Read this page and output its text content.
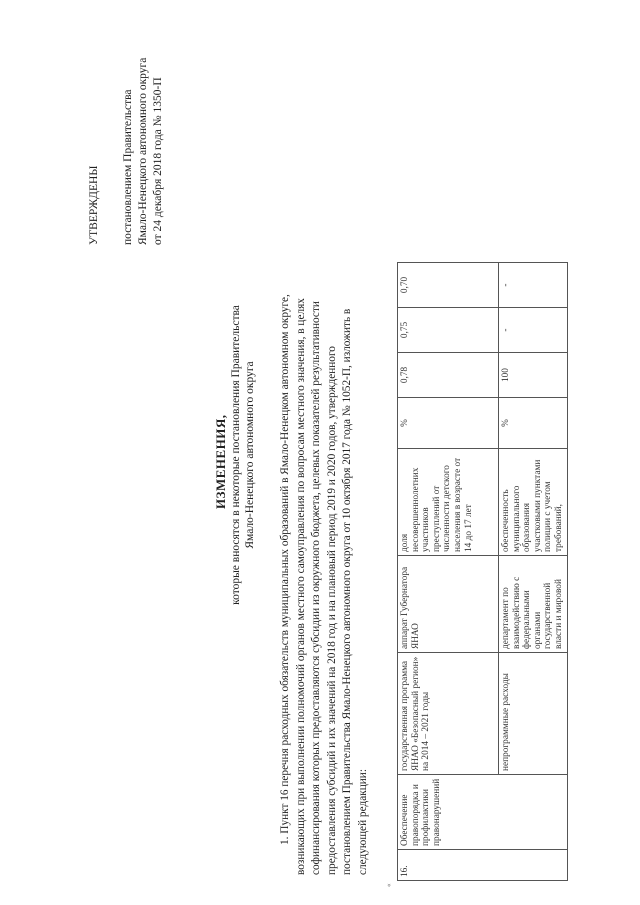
УТВЕРЖДЕНЫ постановлением Правительства Ямало-Ненецкого автономного округа от 24 декабря 2018 года № 1350-П
ИЗМЕНЕНИЯ, которые вносятся в некоторые постановления Правительства Ямало-Ненецкого автономного округа 1. Пункт 16 перечня расходных обязательств муниципальных образований в Ямало-Ненецком автономном округе, возникающих при выполнении полномочий органов местного самоуправления по вопросам местного значения, в целях софинансирования которых предоставляются субсидии из окружного бюджета, целевых показателей результативности предоставления субсидий и их значений на 2018 год и на плановый период 2019 и 2020 годов, утвержденного постановлением Правительства Ямало-Ненецкого автономного округа от 10 октября 2017 года № 1052-П, изложить в следующей редакции:
«
16.	Обеспечение правопорядка и профилактики правонарушений	государственная программа ЯНАО «Безопасный регион» на 2014 – 2021 годы	аппарат Губернатора ЯНАО	доля несовершеннолетних участников преступлений от численности детского населения в возрасте от 14 до 17 лет	%	0,78	0,75	0,70
		непрограммные расходы	департамент по взаимодействию с федеральными органами государственной власти и мировой	обеспеченность муниципального образования участковыми пунктами полиции с учетом требований,	%	100	-	-
